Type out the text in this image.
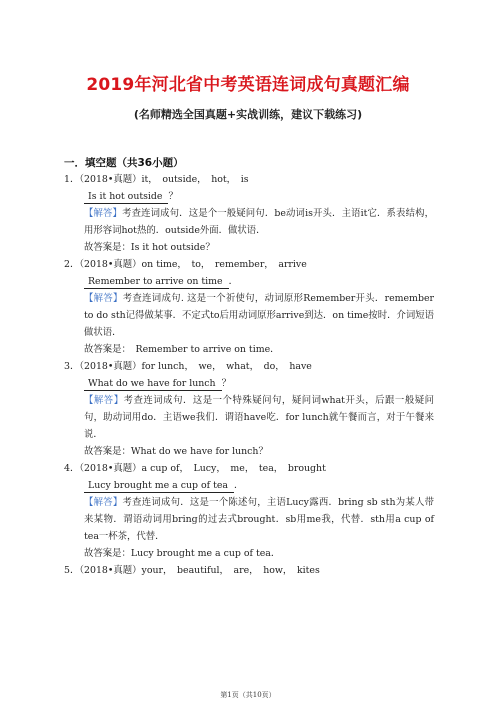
2019年河北省中考英语连词成句真题汇编
(名师精选全国真题+实战训练，建议下载练习)
一．填空题（共36小题）

1．（2018•真题）it，　outside，　hot，　is

Is it hot outside ？

【解答】考查连词成句．这是个一般疑问句．be动词is开头．主语it它．系表结构，用形容词hot热的．outside外面．做状语．

故答案是：Is it hot outside？

2．（2018•真题）on time，　to，　remember，　arrive

Remember to arrive on time ．

【解答】考查连词成句. 这是一个祈使句，动词原形Remember开头．remember to do sth记得做某事．不定式to后用动词原形arrive到达．on time按时．介词短语做状语．

故答案是：　Remember to arrive on time．

3．（2018•真题）for lunch，　we，　what，　do，　have

What do we have for lunch ？

【解答】考查连词成句．这是一个特殊疑问句，疑问词what开头，后跟一般疑问句，助动词用do．主语we我们．谓语have吃．for lunch就午餐而言，对于午餐来说．

故答案是：What do we have for lunch？

4．（2018•真题）a cup of，　Lucy，　me，　tea，　brought

Lucy brought me a cup of tea ．

【解答】考查连词成句．这是一个陈述句，主语Lucy露西．bring sb sth为某人带来某物．谓语动词用bring的过去式brought．sb用me我，代替．sth用a cup of tea一杯茶，代替．

故答案是：Lucy brought me a cup of tea．

5．（2018•真题）your，　beautiful，　are，　how，　kites

第1页（共10页）
